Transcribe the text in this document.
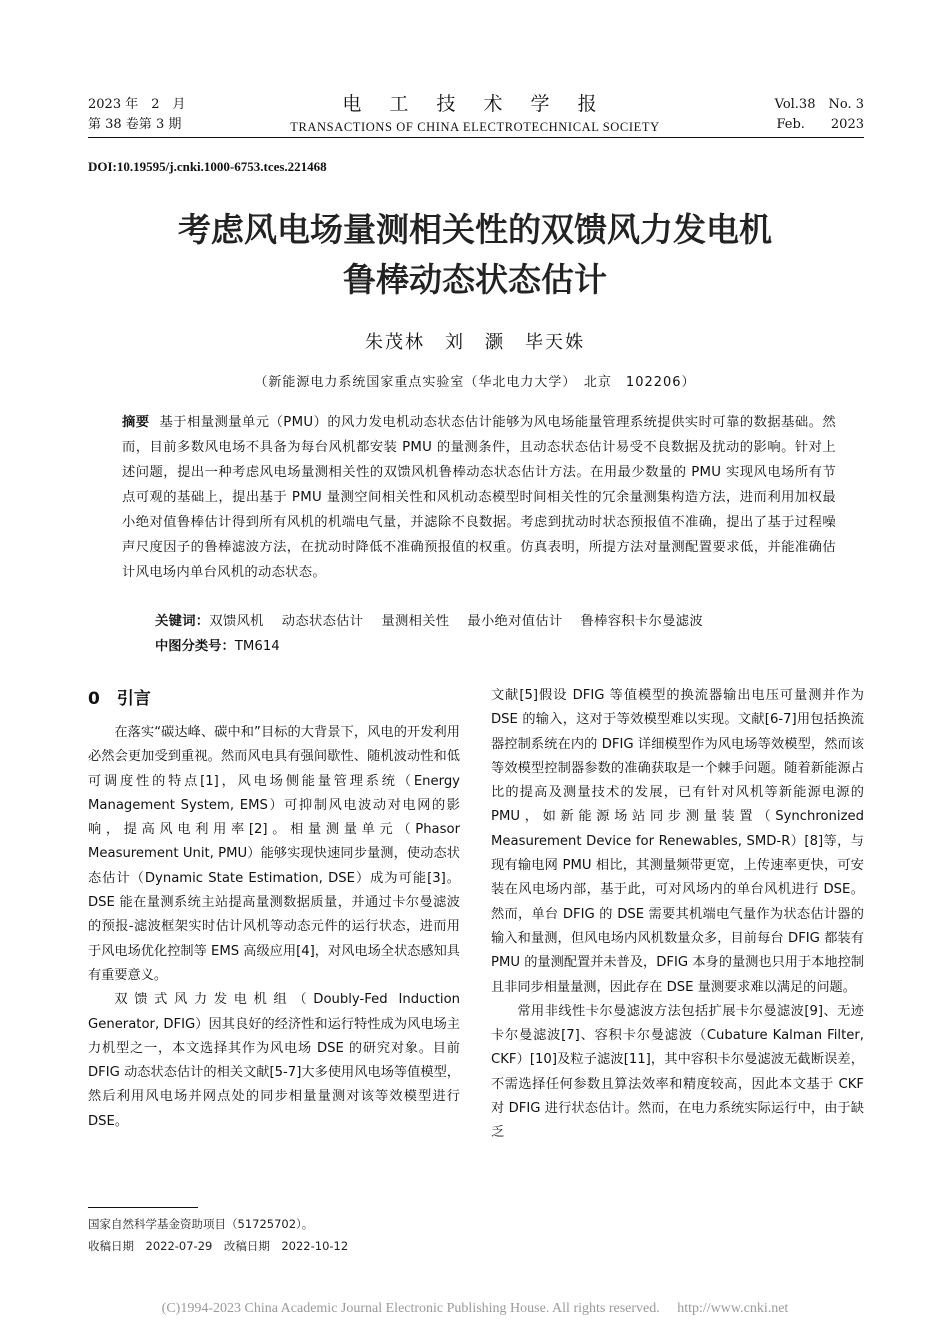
2023 年　2　月
第 38 卷第 3 期
电 工 技 术 学 报
TRANSACTIONS OF CHINA ELECTROTECHNICAL SOCIETY
Vol.38　No. 3
Feb.　　2023
DOI:10.19595/j.cnki.1000-6753.tces.221468
考虑风电场量测相关性的双馈风力发电机
鲁棒动态状态估计
朱茂林　刘　灏　毕天姝
（新能源电力系统国家重点实验室（华北电力大学）　北京　102206）
摘要 基于相量测量单元（PMU）的风力发电机动态状态估计能够为风电场能量管理系统提供实时可靠的数据基础。然而，目前多数风电场不具备为每台风机都安装 PMU 的量测条件，且动态状态估计易受不良数据及扰动的影响。针对上述问题，提出一种考虑风电场量测相关性的双馈风机鲁棒动态状态估计方法。在用最少数量的 PMU 实现风电场所有节点可观的基础上，提出基于 PMU 量测空间相关性和风机动态模型时间相关性的冗余量测集构造方法，进而利用加权最小绝对值鲁棒估计得到所有风机的机端电气量，并滤除不良数据。考虑到扰动时状态预报值不准确，提出了基于过程噪声尺度因子的鲁棒滤波方法，在扰动时降低不准确预报值的权重。仿真表明，所提方法对量测配置要求低，并能准确估计风电场内单台风机的动态状态。
关键词：双馈风机 动态状态估计 量测相关性 最小绝对值估计 鲁棒容积卡尔曼滤波
中图分类号：TM614
0　引言

在落实“碳达峰、碳中和”目标的大背景下，风电的开发利用必然会更加受到重视。然而风电具有强间歇性、随机波动性和低可调度性的特点[1]，风电场侧能量管理系统（Energy Management System, EMS）可抑制风电波动对电网的影响，提高风电利用率[2]。相量测量单元（Phasor Measurement Unit, PMU）能够实现快速同步量测，使动态状态估计（Dynamic State Estimation, DSE）成为可能[3]。DSE 能在量测系统主站提高量测数据质量，并通过卡尔曼滤波的预报-滤波框架实时估计风机等动态元件的运行状态，进而用于风电场优化控制等 EMS 高级应用[4]，对风电场全状态感知具有重要意义。

双馈式风力发电机组（Doubly-Fed Induction Generator, DFIG）因其良好的经济性和运行特性成为风电场主力机型之一，本文选择其作为风电场 DSE 的研究对象。目前 DFIG 动态状态估计的相关文献[5-7]大多使用风电场等值模型，然后利用风电场并网点处的同步相量量测对该等效模型进行 DSE。

文献[5]假设 DFIG 等值模型的换流器输出电压可量测并作为 DSE 的输入，这对于等效模型难以实现。文献[6-7]用包括换流器控制系统在内的 DFIG 详细模型作为风电场等效模型，然而该等效模型控制器参数的准确获取是一个棘手问题。随着新能源占比的提高及测量技术的发展，已有针对风机等新能源电源的 PMU，如新能源场站同步测量装置（Synchronized Measurement Device for Renewables, SMD-R）[8]等，与现有输电网 PMU 相比，其测量频带更宽，上传速率更快，可安装在风电场内部，基于此，可对风场内的单台风机进行 DSE。然而，单台 DFIG 的 DSE 需要其机端电气量作为状态估计器的输入和量测，但风电场内风机数量众多，目前每台 DFIG 都装有 PMU 的量测配置并未普及，DFIG 本身的量测也只用于本地控制且非同步相量量测，因此存在 DSE 量测要求难以满足的问题。

常用非线性卡尔曼滤波方法包括扩展卡尔曼滤波[9]、无迹卡尔曼滤波[7]、容积卡尔曼滤波（Cubature Kalman Filter, CKF）[10]及粒子滤波[11]，其中容积卡尔曼滤波无截断误差，不需选择任何参数且算法效率和精度较高，因此本文基于 CKF 对 DFIG 进行状态估计。然而，在电力系统实际运行中，由于缺乏

国家自然科学基金资助项目（51725702）。
收稿日期　2022-07-29　改稿日期　2022-10-12
(C)1994-2023 China Academic Journal Electronic Publishing House. All rights reserved.　 http://www.cnki.net
